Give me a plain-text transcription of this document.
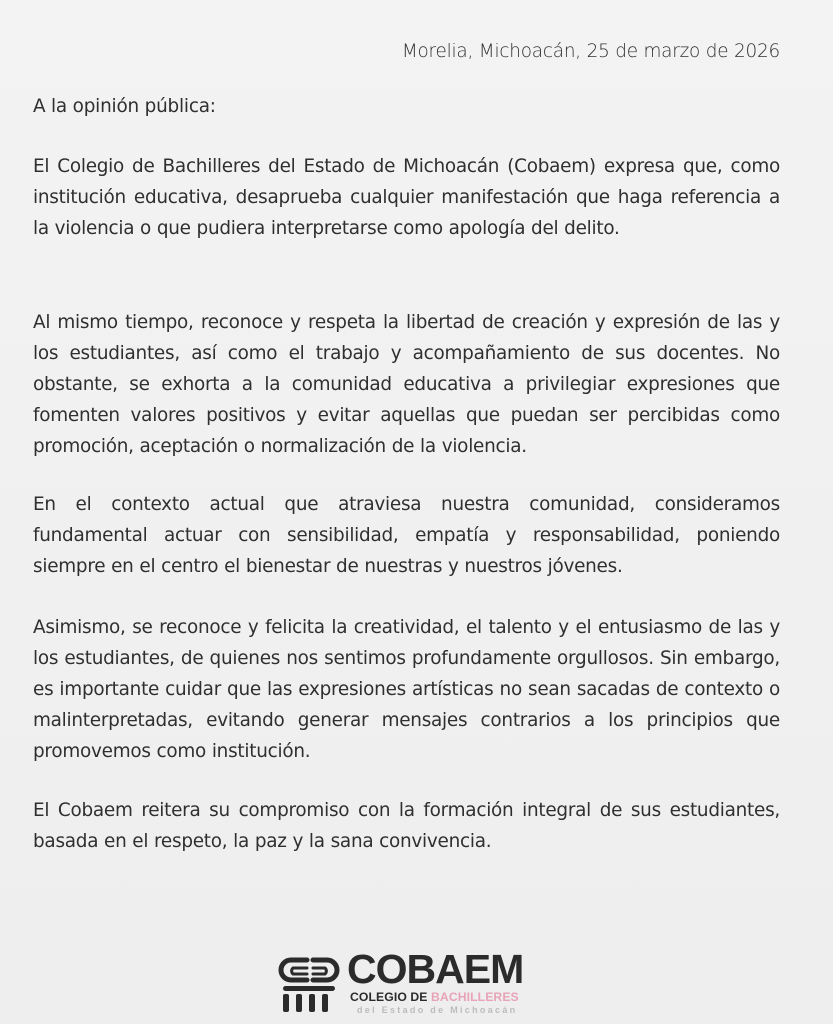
Morelia, Michoacán, 25 de marzo de 2026
A la opinión pública:

El Colegio de Bachilleres del Estado de Michoacán (Cobaem) expresa que, como institución educativa, desaprueba cualquier manifestación que haga referencia a la violencia o que pudiera interpretarse como apología del delito.

Al mismo tiempo, reconoce y respeta la libertad de creación y expresión de las y los estudiantes, así como el trabajo y acompañamiento de sus docentes. No obstante, se exhorta a la comunidad educativa a privilegiar expresiones que fomenten valores positivos y evitar aquellas que puedan ser percibidas como promoción, aceptación o normalización de la violencia.

En el contexto actual que atraviesa nuestra comunidad, consideramos fundamental actuar con sensibilidad, empatía y responsabilidad, poniendo siempre en el centro el bienestar de nuestras y nuestros jóvenes.

Asimismo, se reconoce y felicita la creatividad, el talento y el entusiasmo de las y los estudiantes, de quienes nos sentimos profundamente orgullosos. Sin embargo, es importante cuidar que las expresiones artísticas no sean sacadas de contexto o malinterpretadas, evitando generar mensajes contrarios a los principios que promovemos como institución.

El Cobaem reitera su compromiso con la formación integral de sus estudiantes, basada en el respeto, la paz y la sana convivencia.

COBAEM
COLEGIO DE BACHILLERES
del Estado de Michoacán
